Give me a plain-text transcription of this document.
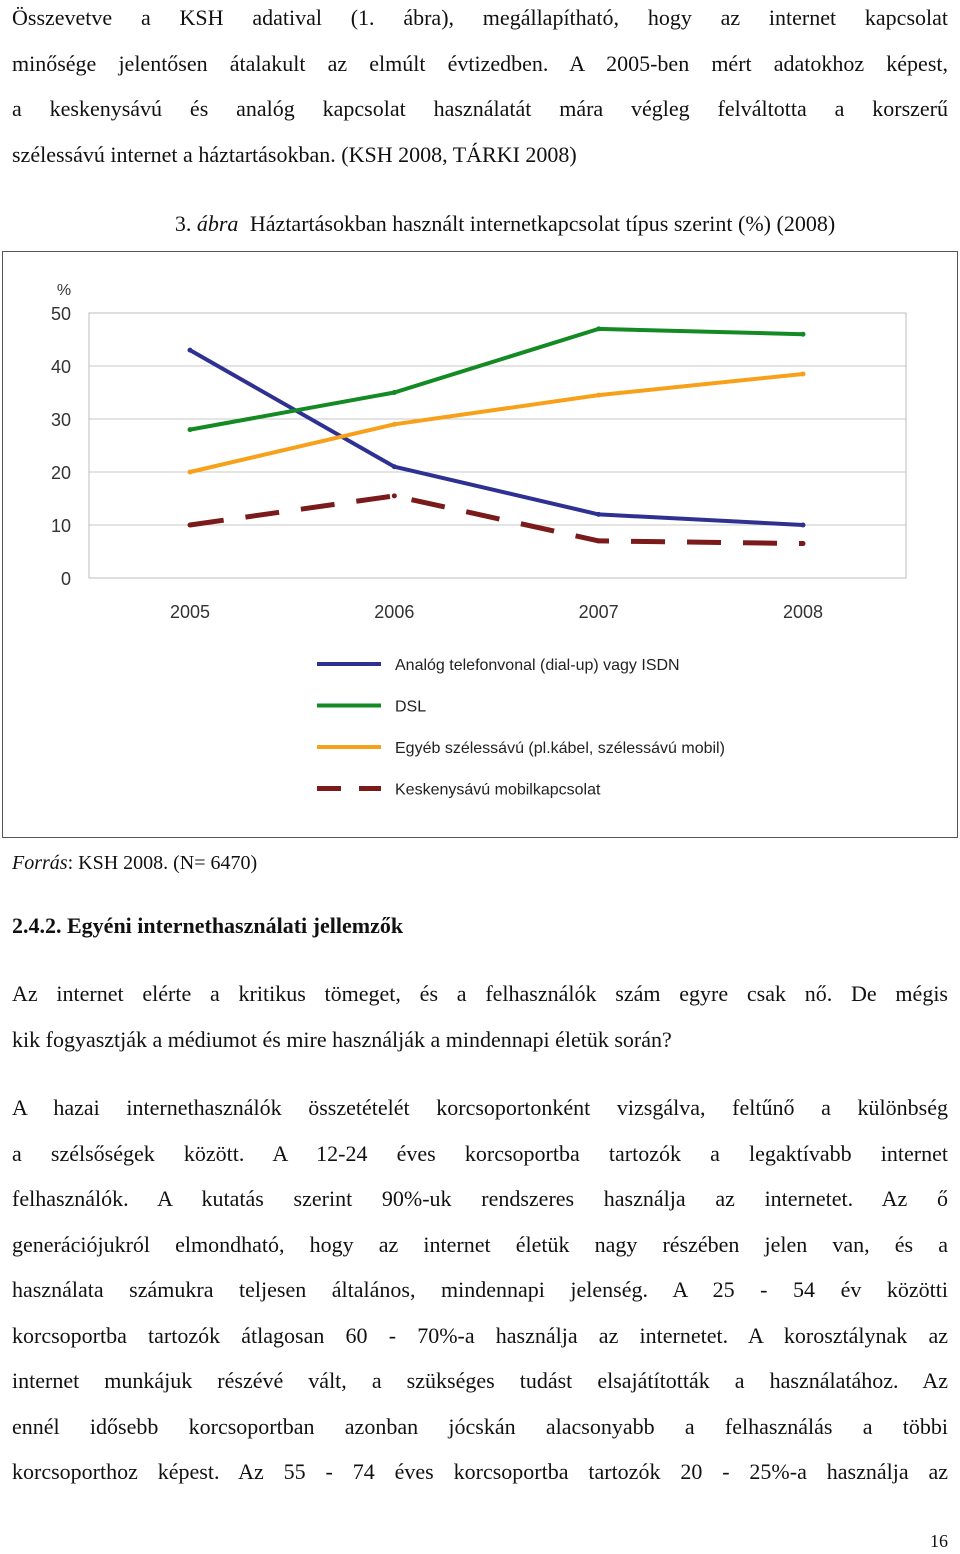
Összevetve a KSH adatival (1. ábra), megállapítható, hogy az internet kapcsolat
minősége jelentősen átalakult az elmúlt évtizedben. A 2005-ben mért adatokhoz képest,
a keskenysávú és analóg kapcsolat használatát mára végleg felváltotta a korszerű
szélessávú internet a háztartásokban. (KSH 2008, TÁRKI 2008)
3. ábra Háztartásokban használt internetkapcsolat típus szerint (%) (2008)
0
10
20
30
40
50
%
2005	2006	2007	2008
Analóg telefonvonal (dial-up) vagy ISDN
DSL
Egyéb szélessávú (pl.kábel, szélessávú mobil)
Keskenysávú mobilkapcsolat
Forrás: KSH 2008. (N= 6470)
2.4.2. Egyéni internethasználati jellemzők
Az internet elérte a kritikus tömeget, és a felhasználók szám egyre csak nő. De mégis
kik fogyasztják a médiumot és mire használják a mindennapi életük során?
A hazai internethasználók összetételét korcsoportonként vizsgálva, feltűnő a különbség
a szélsőségek között. A 12-24 éves korcsoportba tartozók a legaktívabb internet
felhasználók. A kutatás szerint 90%-uk rendszeres használja az internetet. Az ő
generációjukról elmondható, hogy az internet életük nagy részében jelen van, és a
használata számukra teljesen általános, mindennapi jelenség. A 25 - 54 év közötti
korcsoportba tartozók átlagosan 60 - 70%-a használja az internetet. A korosztálynak az
internet munkájuk részévé vált, a szükséges tudást elsajátították a használatához. Az
ennél idősebb korcsoportban azonban jócskán alacsonyabb a felhasználás a többi
korcsoporthoz képest. Az 55 - 74 éves korcsoportba tartozók 20 - 25%-a használja az
16
